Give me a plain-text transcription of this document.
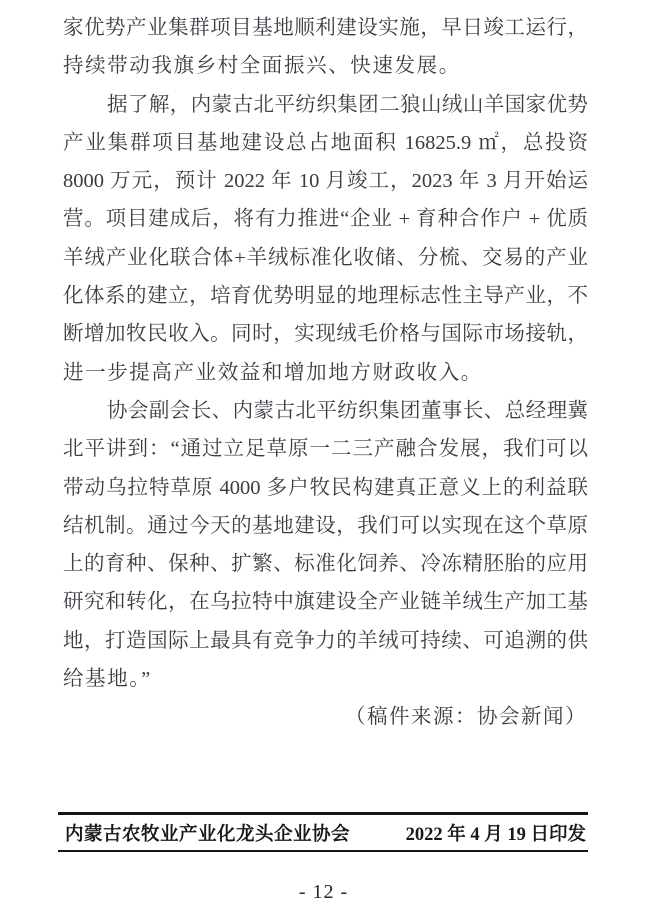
家优势产业集群项目基地顺利建设实施，早日竣工运行，
持续带动我旗乡村全面振兴、快速发展。
据了解，内蒙古北平纺织集团二狼山绒山羊国家优势
产业集群项目基地建设总占地面积 16825.9 ㎡，总投资
8000 万元，预计 2022 年 10 月竣工，2023 年 3 月开始运
营。项目建成后，将有力推进“企业 + 育种合作户 + 优质
羊绒产业化联合体+羊绒标准化收储、分梳、交易的产业
化体系的建立，培育优势明显的地理标志性主导产业，不
断增加牧民收入。同时，实现绒毛价格与国际市场接轨，
进一步提高产业效益和增加地方财政收入。
协会副会长、内蒙古北平纺织集团董事长、总经理冀
北平讲到：“通过立足草原一二三产融合发展，我们可以
带动乌拉特草原 4000 多户牧民构建真正意义上的利益联
结机制。通过今天的基地建设，我们可以实现在这个草原
上的育种、保种、扩繁、标准化饲养、冷冻精胚胎的应用
研究和转化，在乌拉特中旗建设全产业链羊绒生产加工基
地，打造国际上最具有竞争力的羊绒可持续、可追溯的供
给基地。”
（稿件来源：协会新闻）
内蒙古农牧业产业化龙头企业协会	2022 年 4 月 19 日印发
- 12 -
